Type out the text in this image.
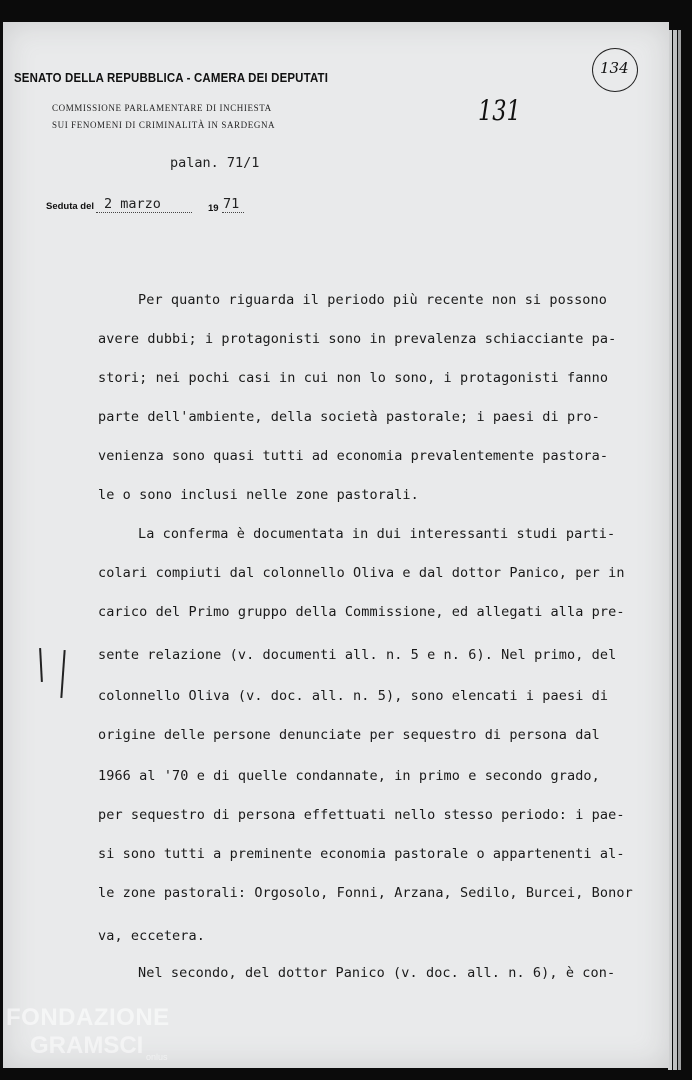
SENATO DELLA REPUBBLICA - CAMERA DEI DEPUTATI
COMMISSIONE PARLAMENTARE DI INCHIESTA
SUI FENOMENI DI CRIMINALITÀ IN SARDEGNA	131
134
palan. 71/1
Seduta del 2 marzo	19 71
Per quanto riguarda il periodo più recente non si possono
avere dubbi; i protagonisti sono in prevalenza schiacciante pa-
stori; nei pochi casi in cui non lo sono, i protagonisti fanno
parte dell'ambiente, della società pastorale; i paesi di pro-
venienza sono quasi tutti ad economia prevalentemente pastora-
le o sono inclusi nelle zone pastorali.
La conferma è documentata in dui interessanti studi parti-
colari compiuti dal colonnello Oliva e dal dottor Panico, per in
carico del Primo gruppo della Commissione, ed allegati alla pre-
sente relazione (v. documenti all. n. 5 e n. 6). Nel primo, del
colonnello Oliva (v. doc. all. n. 5), sono elencati i paesi di
origine delle persone denunciate per sequestro di persona dal
1966 al '70 e di quelle condannate, in primo e secondo grado,
per sequestro di persona effettuati nello stesso periodo: i pae-
si sono tutti a preminente economia pastorale o appartenenti al-
le zone pastorali: Orgosolo, Fonni, Arzana, Sedilo, Burcei, Bonor
va, eccetera.
Nel secondo, del dottor Panico (v. doc. all. n. 6), è con-
FONDAZIONE
GRAMSCI onlus
